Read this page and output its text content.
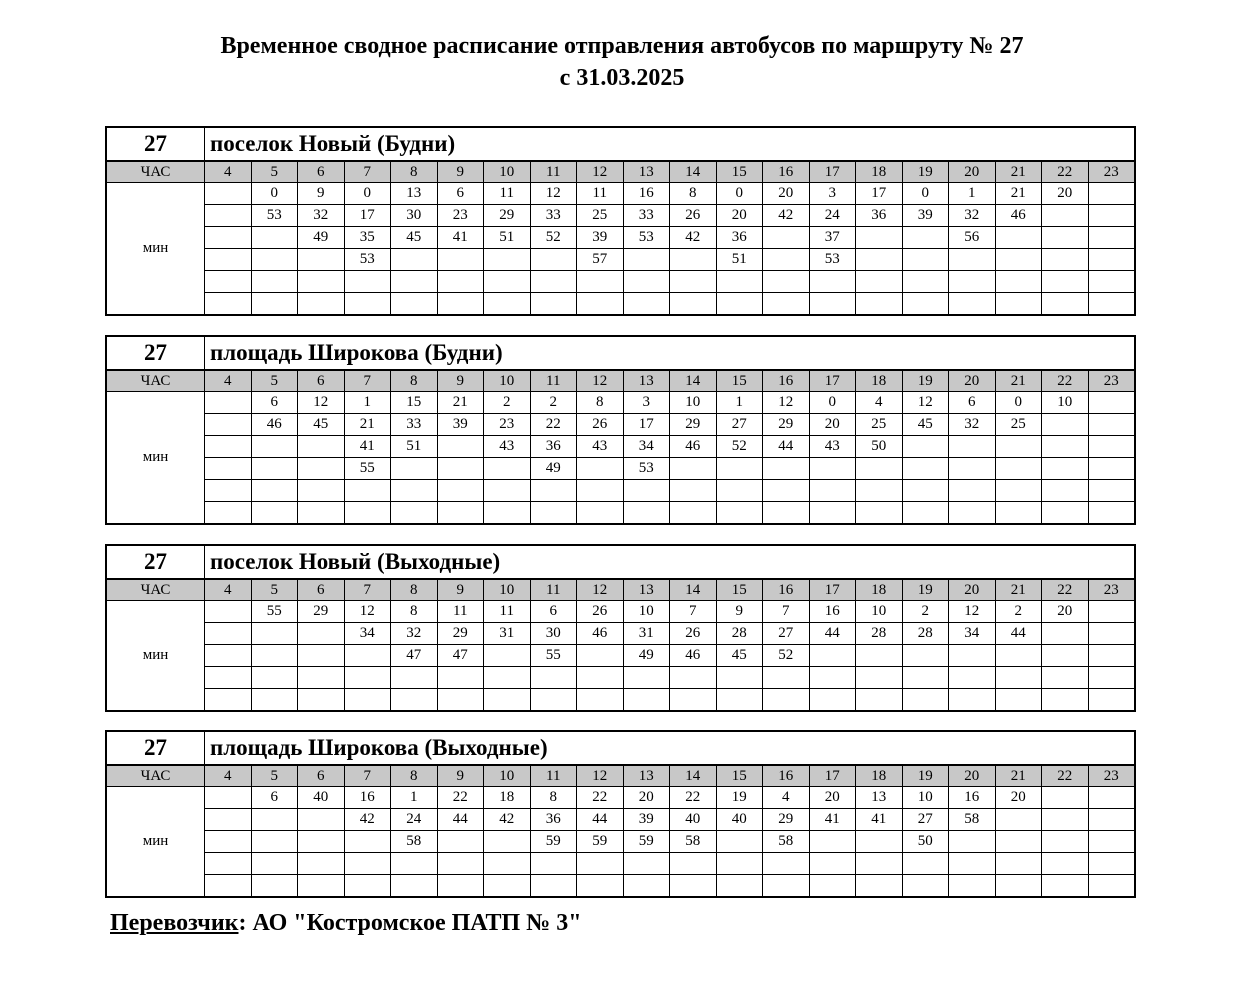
Временное сводное расписание отправления автобусов по маршруту № 27
с 31.03.2025
27	поселок Новый (Будни)																			
ЧАС	4	5	6	7	8	9	10	11	12	13	14	15	16	17	18	19	20	21	22	23
мин		0	9	0	13	6	11	12	11	16	8	0	20	3	17	0	1	21	20	
		53	32	17	30	23	29	33	25	33	26	20	42	24	36	39	32	46		
			49	35	45	41	51	52	39	53	42	36		37			56			
				53					57			51		53						

27	площадь Широкова (Будни)																			
ЧАС	4	5	6	7	8	9	10	11	12	13	14	15	16	17	18	19	20	21	22	23
мин		6	12	1	15	21	2	2	8	3	10	1	12	0	4	12	6	0	10	
		46	45	21	33	39	23	22	26	17	29	27	29	20	25	45	32	25		
				41	51		43	36	43	34	46	52	44	43	50					
				55				49		53										

27	поселок Новый (Выходные)																			
ЧАС	4	5	6	7	8	9	10	11	12	13	14	15	16	17	18	19	20	21	22	23
мин		55	29	12	8	11	11	6	26	10	7	9	7	16	10	2	12	2	20	
				34	32	29	31	30	46	31	26	28	27	44	28	28	34	44		
					47	47		55		49	46	45	52							

27	площадь Широкова (Выходные)																			
ЧАС	4	5	6	7	8	9	10	11	12	13	14	15	16	17	18	19	20	21	22	23
мин		6	40	16	1	22	18	8	22	20	22	19	4	20	13	10	16	20		
				42	24	44	42	36	44	39	40	40	29	41	41	27	58			
					58			59	59	59	58		58			50				

Перевозчик: АО "Костромское ПАТП № 3"
